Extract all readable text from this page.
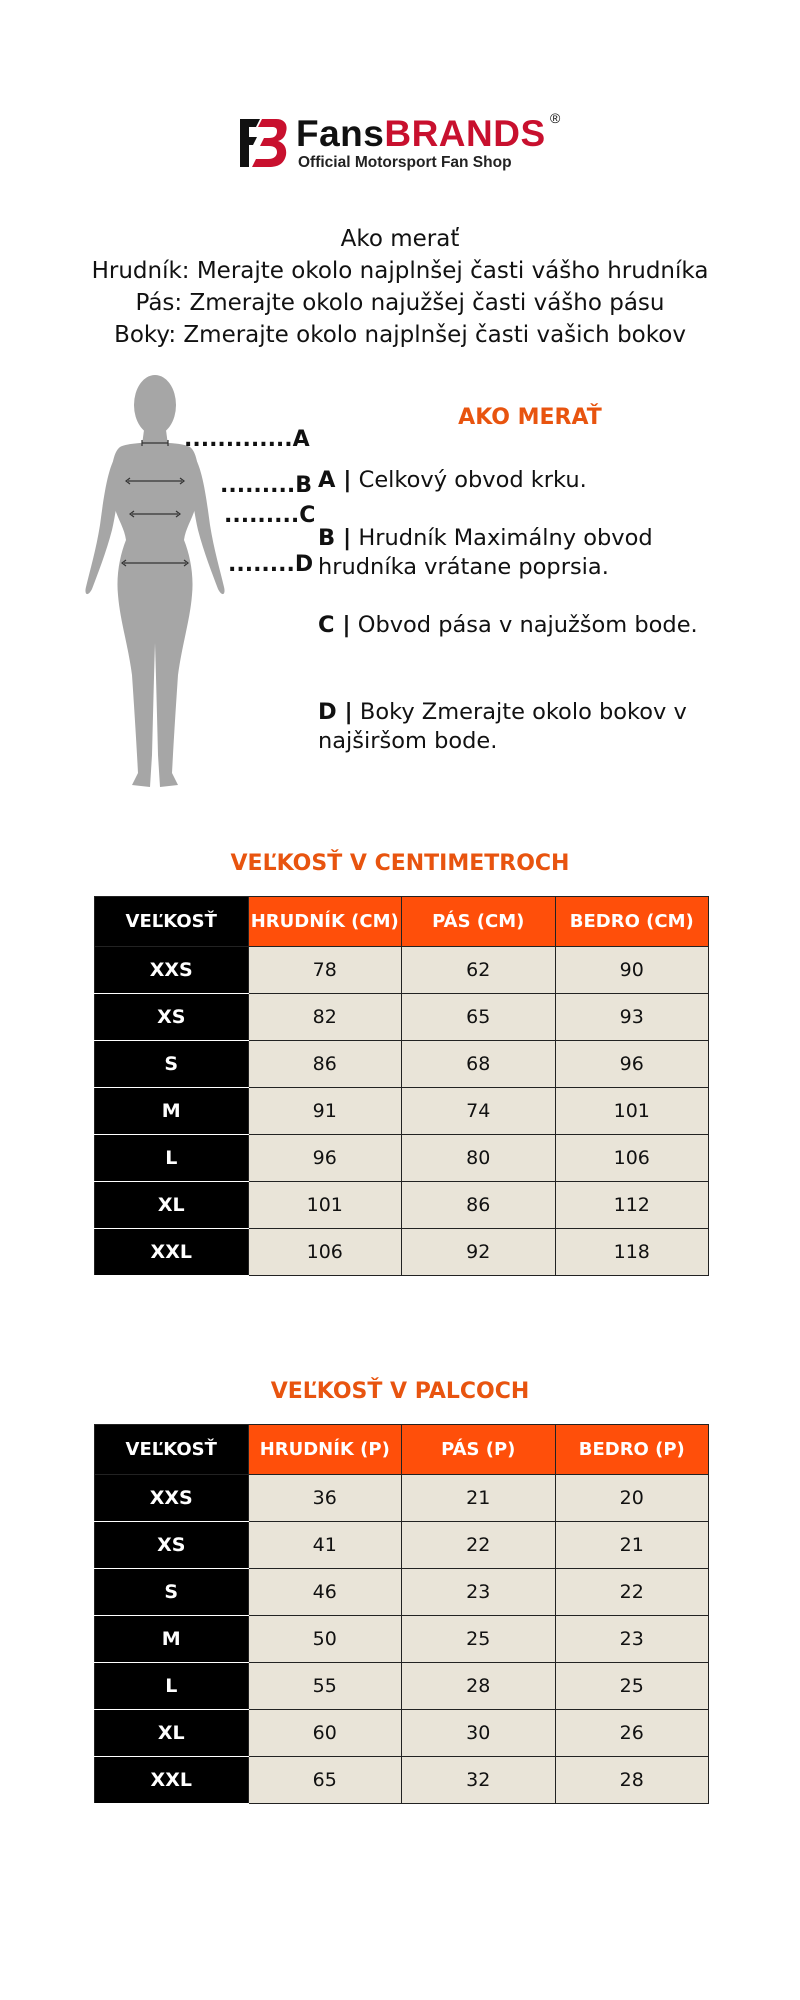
FansBRANDS ®
Official Motorsport Fan Shop
Ako merať
Hrudník: Merajte okolo najplnšej časti vášho hrudníka
Pás: Zmerajte okolo najužšej časti vášho pásu
Boky: Zmerajte okolo najplnšej časti vašich bokov
.............A
.........B
.........C
........D
AKO MERAŤ
A | Celkový obvod krku.
B | Hrudník Maximálny obvod hrudníka vrátane poprsia.
C | Obvod pása v najužšom bode.
D | Boky Zmerajte okolo bokov v najširšom bode.
VEĽKOSŤ V CENTIMETROCH
VEĽKOSŤ	HRUDNÍK (CM)	PÁS (CM)	BEDRO (CM)
XXS	78	62	90
XS	82	65	93
S	86	68	96
M	91	74	101
L	96	80	106
XL	101	86	112
XXL	106	92	118
VEĽKOSŤ V PALCOCH
VEĽKOSŤ	HRUDNÍK (P)	PÁS (P)	BEDRO (P)
XXS	36	21	20
XS	41	22	21
S	46	23	22
M	50	25	23
L	55	28	25
XL	60	30	26
XXL	65	32	28
